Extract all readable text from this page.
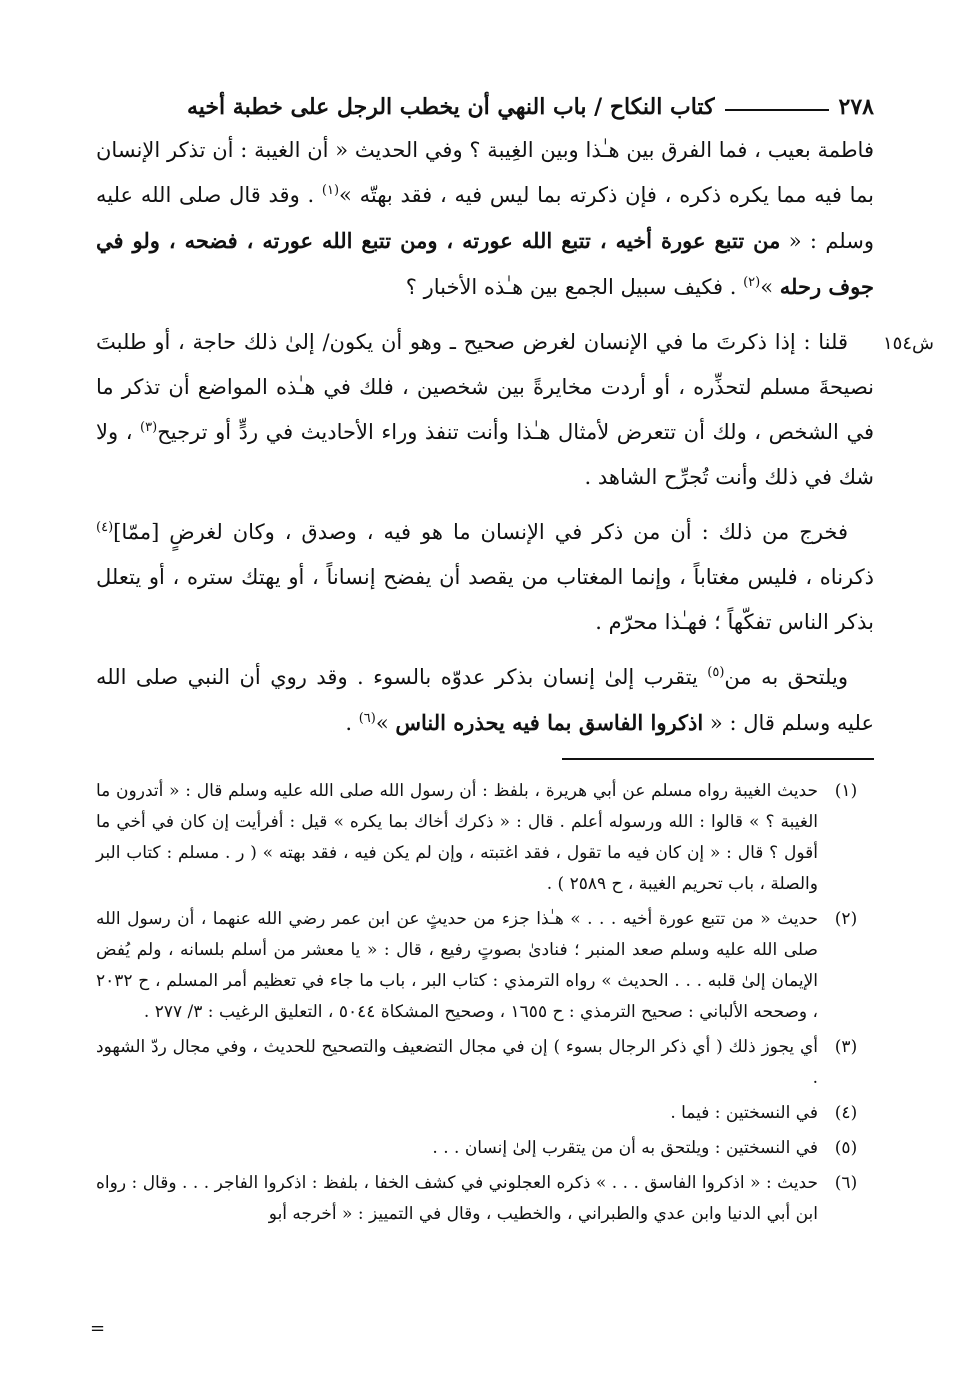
٢٧٨
كتاب النكاح / باب النهي أن يخطب الرجل على خطبة أخيه
ش١٥٤

فاطمة بعيب ، فما الفرق بين هـٰذا وبين الغِيبة ؟ وفي الحديث « أن الغيبة : أن تذكر الإنسان بما فيه مما يكره ذكره ، فإن ذكرته بما ليس فيه ، فقد بهتّه »$^{(١)}$ . وقد قال صلى الله عليه وسلم : « من تتبع عورة أخيه ، تتبع الله عورته ، ومن تتبع الله عورته ، فضحه ، ولو في جوف رحله »$^{(٢)}$ . فكيف سبيل الجمع بين هـٰذه الأخبار ؟

قلنا : إذا ذكرتَ ما في الإنسان لغرض صحيح ـ وهو أن يكون/ إلىٰ ذلك حاجة ، أو طلبتَ نصيحةَ مسلم لتحذِّره ، أو أردت مخايرةً بين شخصين ، فلك في هـٰذه المواضع أن تذكر ما في الشخص ، ولك أن تتعرض لأمثال هـٰذا وأنت تنفذ وراء الأحاديث في ردٍّ أو ترجيح$^{(٣)}$ ، ولا شك في ذلك وأنت تُجرِّح الشاهد .

فخرج من ذلك : أن من ذكر في الإنسان ما هو فيه ، وصدق ، وكان لغرضٍ [ممّا]$^{(٤)}$ ذكرناه ، فليس مغتاباً ، وإنما المغتاب من يقصد أن يفضح إنساناً ، أو يهتك ستره ، أو يتعلل بذكر الناس تفكّهاً ؛ فهـٰذا محرّم .

ويلتحق به من$^{(٥)}$ يتقرب إلىٰ إنسان بذكر عدوّه بالسوء . وقد روي أن النبي صلى الله عليه وسلم قال : « اذكروا الفاسق بما فيه يحذره الناس »$^{(٦)}$ .

(١)
حديث الغيبة رواه مسلم عن أبي هريرة ، بلفظ : أن رسول الله صلى الله عليه وسلم قال : « أتدرون ما الغيبة ؟ » قالوا : الله ورسوله أعلم . قال : « ذكرك أخاك بما يكره » قيل : أفرأيت إن كان في أخي ما أقول ؟ قال : « إن كان فيه ما تقول ، فقد اغتبته ، وإن لم يكن فيه ، فقد بهته » ( ر . مسلم : كتاب البر والصلة ، باب تحريم الغيبة ، ح ٢٥٨٩ ) .
(٢)
حديث « من تتبع عورة أخيه . . . » هـٰذا جزء من حديثٍ عن ابن عمر رضي الله عنهما ، أن رسول الله صلى الله عليه وسلم صعد المنبر ؛ فنادىٰ بصوتٍ رفيع ، قال : « يا معشر من أسلم بلسانه ، ولم يُفض الإيمان إلىٰ قلبه . . . الحديث » رواه الترمذي : كتاب البر ، باب ما جاء في تعظيم أمر المسلم ، ح ٢٠٣٢ ، وصححه الألباني : صحيح الترمذي : ح ١٦٥٥ ، وصحيح المشكاة ٥٠٤٤ ، التعليق الرغيب : ٣/ ٢٧٧ .
(٣)
أي يجوز ذلك ( أي ذكر الرجال بسوء ) إن في مجال التضعيف والتصحيح للحديث ، وفي مجال ردّ الشهود .
(٤)
في النسختين : فيما .
(٥)
في النسختين : ويلتحق به أن من يتقرب إلىٰ إنسان . . .
(٦)
حديث : « اذكروا الفاسق . . . » ذكره العجلوني في كشف الخفا ، بلفظ : اذكروا الفاجر . . . وقال : رواه ابن أبي الدنيا وابن عدي والطبراني ، والخطيب ، وقال في التمييز : « أخرجه أبو
=
